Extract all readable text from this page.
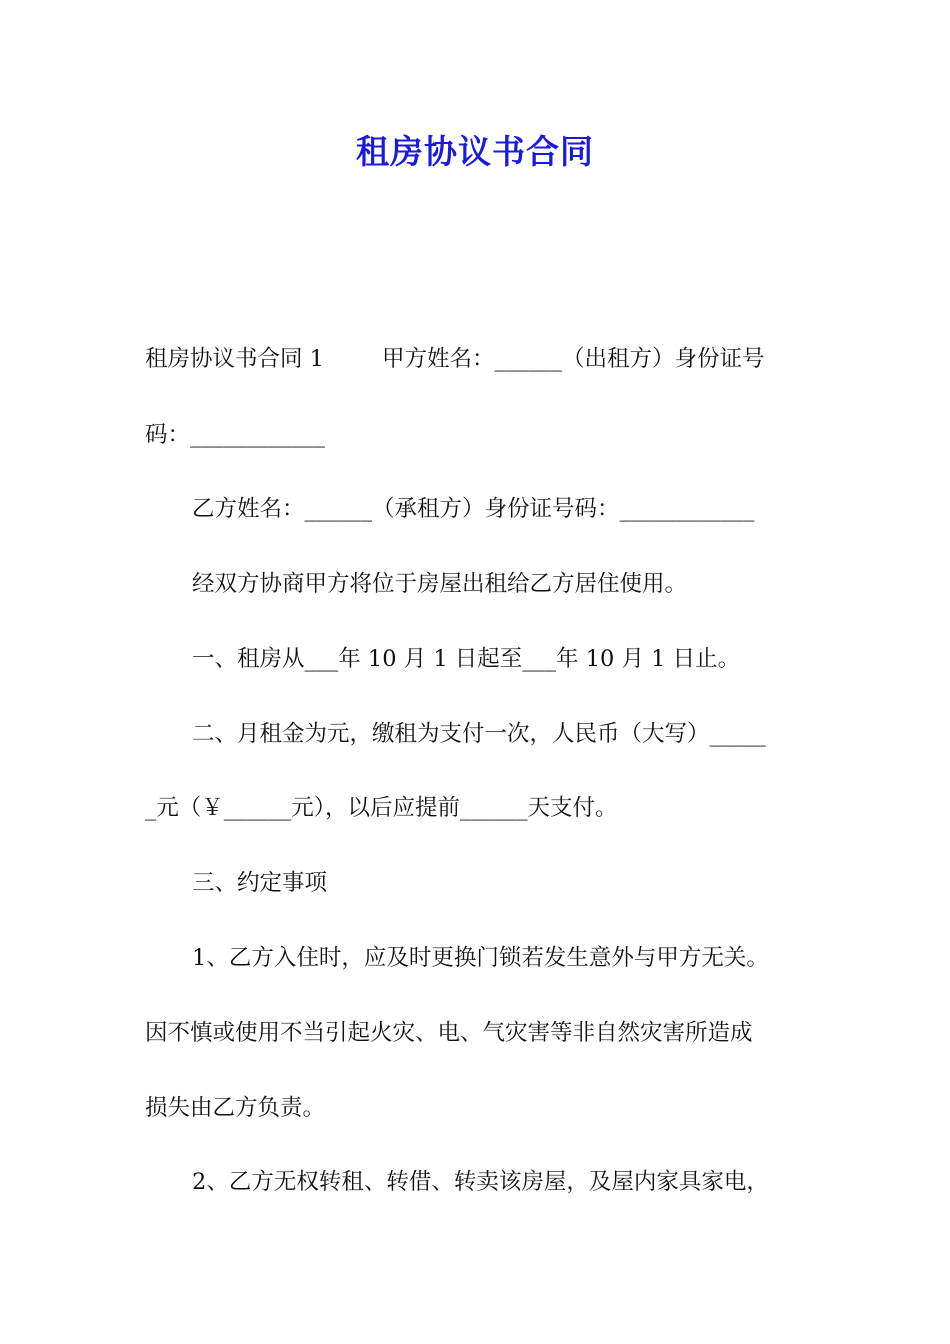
租房协议书合同
租房协议书合同 1	甲方姓名：______（出租方）身份证号
码：____________
乙方姓名：______（承租方）身份证号码：____________
经双方协商甲方将位于房屋出租给乙方居住使用。
一、租房从___年 10 月 1 日起至___年 10 月 1 日止。
二、月租金为元，缴租为支付一次，人民币（大写）_____
_元（￥______元），以后应提前______天支付。
三、约定事项
1、乙方入住时，应及时更换门锁若发生意外与甲方无关。
因不慎或使用不当引起火灾、电、气灾害等非自然灾害所造成
损失由乙方负责。
2、乙方无权转租、转借、转卖该房屋，及屋内家具家电，
